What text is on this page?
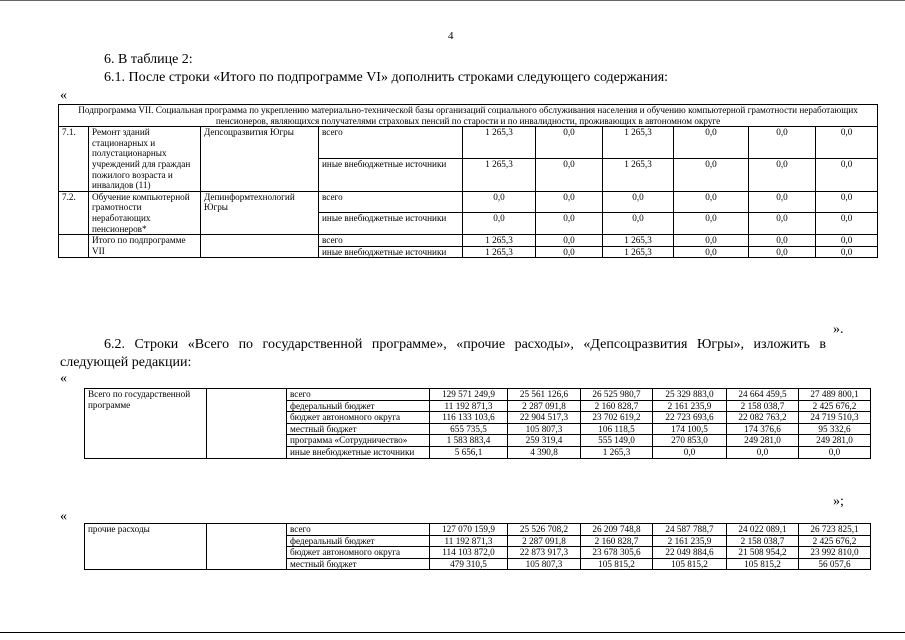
4
6. В таблице 2:
6.1. После строки «Итого по подпрограмме VI» дополнить строками следующего содержания:
«
Подпрограмма VII. Социальная программа по укреплению материально-технической базы организаций социального обслуживания населения и обучению компьютерной грамотности неработающих пенсионеров, являющихся получателями страховых пенсий по старости и по инвалидности, проживающих в автономном округе									
7.1.	Ремонт зданий стационарных и полустационарных учреждений для граждан пожилого возраста и инвалидов (11)	Депсоцразвития Югры	всего	1 265,3	0,0	1 265,3	0,0	0,0	0,0
			иные внебюджетные источники	1 265,3	0,0	1 265,3	0,0	0,0	0,0
7.2.	Обучение компьютерной грамотности неработающих пенсионеров*	Депинформтехнологий Югры	всего	0,0	0,0	0,0	0,0	0,0	0,0
			иные внебюджетные источники	0,0	0,0	0,0	0,0	0,0	0,0
	Итого по подпрограмме VII		всего	1 265,3	0,0	1 265,3	0,0	0,0	0,0
			иные внебюджетные источники	1 265,3	0,0	1 265,3	0,0	0,0	0,0
».
6.2. Строки «Всего по государственной программе», «прочие расходы», «Депсоцразвития Югры», изложить в
следующей редакции:
«
Всего по государственной программе		всего	129 571 249,9	25 561 126,6	26 525 980,7	25 329 883,0	24 664 459,5	27 489 800,1
		федеральный бюджет	11 192 871,3	2 287 091,8	2 160 828,7	2 161 235,9	2 158 038,7	2 425 676,2
		бюджет автономного округа	116 133 103,6	22 904 517,3	23 702 619,2	22 723 693,6	22 082 763,2	24 719 510,3
		местный бюджет	655 735,5	105 807,3	106 118,5	174 100,5	174 376,6	95 332,6
		программа «Сотрудничество»	1 583 883,4	259 319,4	555 149,0	270 853,0	249 281,0	249 281,0
		иные внебюджетные источники	5 656,1	4 390,8	1 265,3	0,0	0,0	0,0
»;
«
прочие расходы		всего	127 070 159,9	25 526 708,2	26 209 748,8	24 587 788,7	24 022 089,1	26 723 825,1
		федеральный бюджет	11 192 871,3	2 287 091,8	2 160 828,7	2 161 235,9	2 158 038,7	2 425 676,2
		бюджет автономного округа	114 103 872,0	22 873 917,3	23 678 305,6	22 049 884,6	21 508 954,2	23 992 810,0
		местный бюджет	479 310,5	105 807,3	105 815,2	105 815,2	105 815,2	56 057,6
